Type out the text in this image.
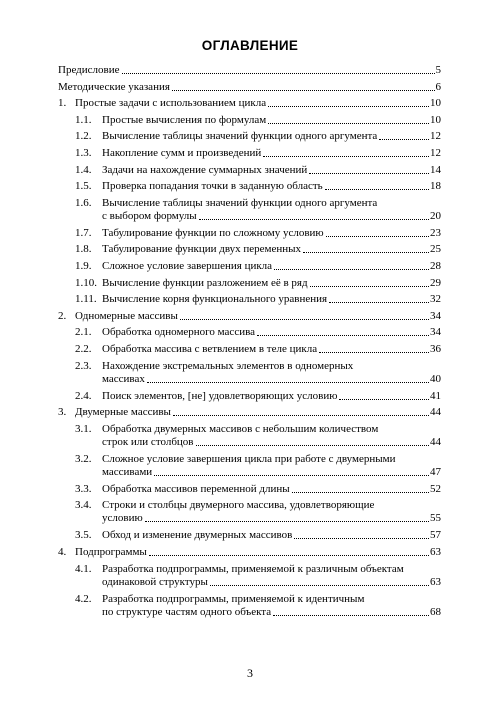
ОГЛАВЛЕНИЕ
Предисловие	5
Методические указания	6
1. Простые задачи с использованием цикла	10
1.1. Простые вычисления по формулам	10
1.2. Вычисление таблицы значений функции одного аргумента	12
1.3. Накопление сумм и произведений	12
1.4. Задачи на нахождение суммарных значений	14
1.5. Проверка попадания точки в заданную область	18
1.6. Вычисление таблицы значений функции одного аргумента
с выбором формулы	20
1.7. Табулирование функции по сложному условию	23
1.8. Табулирование функции двух переменных	25
1.9. Сложное условие завершения цикла	28
1.10. Вычисление функции разложением её в ряд	29
1.11. Вычисление корня функционального уравнения	32
2. Одномерные массивы	34
2.1. Обработка одномерного массива	34
2.2. Обработка массива с ветвлением в теле цикла	36
2.3. Нахождение экстремальных элементов в одномерных
массивах	40
2.4. Поиск элементов, [не] удовлетворяющих условию	41
3. Двумерные массивы	44
3.1. Обработка двумерных массивов с небольшим количеством
строк или столбцов	44
3.2. Сложное условие завершения цикла при работе с двумерными
массивами	47
3.3. Обработка массивов переменной длины	52
3.4. Строки и столбцы двумерного массива, удовлетворяющие
условию	55
3.5. Обход и изменение двумерных массивов	57
4. Подпрограммы	63
4.1. Разработка подпрограммы, применяемой к различным объектам
одинаковой структуры	63
4.2. Разработка подпрограммы, применяемой к идентичным
по структуре частям одного объекта	68
3
